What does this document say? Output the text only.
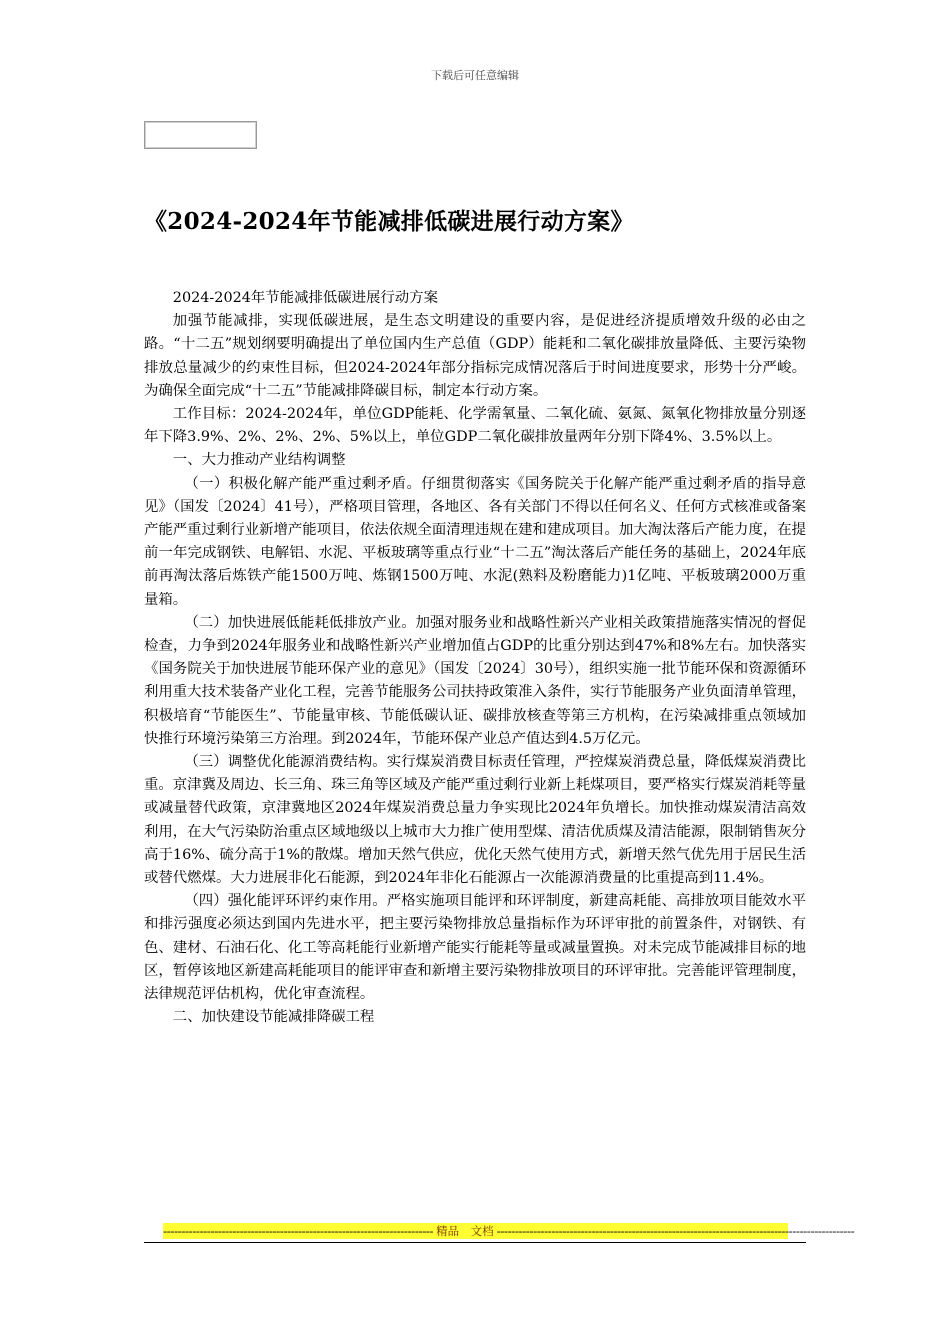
下载后可任意编辑
《2024-2024年节能减排低碳进展行动方案》

2024-2024年节能减排低碳进展行动方案

加强节能减排，实现低碳进展，是生态文明建设的重要内容，是促进经济提质增效升级的必由之路。“十二五”规划纲要明确提出了单位国内生产总值（GDP）能耗和二氧化碳排放量降低、主要污染物排放总量减少的约束性目标，但2024-2024年部分指标完成情况落后于时间进度要求，形势十分严峻。为确保全面完成“十二五”节能减排降碳目标，制定本行动方案。

工作目标：2024-2024年，单位GDP能耗、化学需氧量、二氧化硫、氨氮、氮氧化物排放量分别逐年下降3.9%、2%、2%、2%、5%以上，单位GDP二氧化碳排放量两年分别下降4%、3.5%以上。

一、大力推动产业结构调整

（一）积极化解产能严重过剩矛盾。仔细贯彻落实《国务院关于化解产能严重过剩矛盾的指导意见》（国发〔2024〕41号），严格项目管理，各地区、各有关部门不得以任何名义、任何方式核准或备案产能严重过剩行业新增产能项目，依法依规全面清理违规在建和建成项目。加大淘汰落后产能力度，在提前一年完成钢铁、电解铝、水泥、平板玻璃等重点行业“十二五”淘汰落后产能任务的基础上，2024年底前再淘汰落后炼铁产能1500万吨、炼钢1500万吨、水泥(熟料及粉磨能力)1亿吨、平板玻璃2000万重量箱。

（二）加快进展低能耗低排放产业。加强对服务业和战略性新兴产业相关政策措施落实情况的督促检查，力争到2024年服务业和战略性新兴产业增加值占GDP的比重分别达到47%和8%左右。加快落实《国务院关于加快进展节能环保产业的意见》（国发〔2024〕30号），组织实施一批节能环保和资源循环利用重大技术装备产业化工程，完善节能服务公司扶持政策准入条件，实行节能服务产业负面清单管理，积极培育“节能医生”、节能量审核、节能低碳认证、碳排放核查等第三方机构，在污染减排重点领域加快推行环境污染第三方治理。到2024年，节能环保产业总产值达到4.5万亿元。

（三）调整优化能源消费结构。实行煤炭消费目标责任管理，严控煤炭消费总量，降低煤炭消费比重。京津冀及周边、长三角、珠三角等区域及产能严重过剩行业新上耗煤项目，要严格实行煤炭消耗等量或减量替代政策，京津冀地区2024年煤炭消费总量力争实现比2024年负增长。加快推动煤炭清洁高效利用，在大气污染防治重点区域地级以上城市大力推广使用型煤、清洁优质煤及清洁能源，限制销售灰分高于16%、硫分高于1%的散煤。增加天然气供应，优化天然气使用方式，新增天然气优先用于居民生活或替代燃煤。大力进展非化石能源，到2024年非化石能源占一次能源消费量的比重提高到11.4%。

（四）强化能评环评约束作用。严格实施项目能评和环评制度，新建高耗能、高排放项目能效水平和排污强度必须达到国内先进水平，把主要污染物排放总量指标作为环评审批的前置条件，对钢铁、有色、建材、石油石化、化工等高耗能行业新增产能实行能耗等量或减量置换。对未完成节能减排目标的地区，暂停该地区新建高耗能项目的能评审查和新增主要污染物排放项目的环评审批。完善能评管理制度，法律规范评估机构，优化审查流程。

二、加快建设节能减排降碳工程

-------------------------------------------------------------------------- 精品　文档 --------------------------------------------------------------------------------------------------
